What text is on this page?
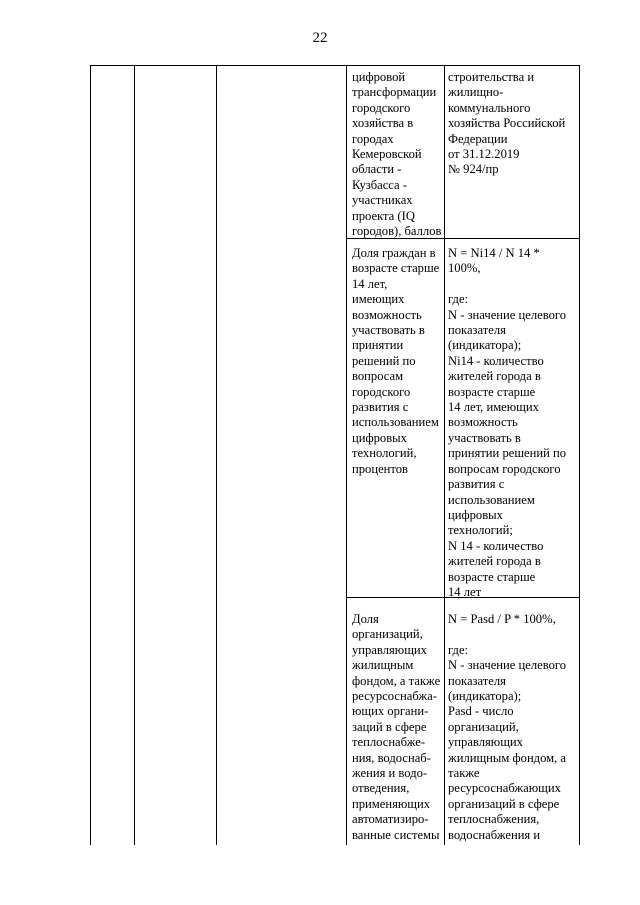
22

цифровой
трансформации
городского
хозяйства в
городах
Кемеровской
области -
Кузбасса -
участниках
проекта (IQ
городов), баллов

строительства и
жилищно-
коммунального
хозяйства Российской
Федерации
от 31.12.2019
№ 924/пр

Доля граждан в
возрасте старше
14 лет,
имеющих
возможность
участвовать в
принятии
решений по
вопросам
городского
развития с
использованием
цифровых
технологий,
процентов

N = Ni14 / N 14 *
100%,

где:
N - значение целевого
показателя
(индикатора);
Ni14 - количество
жителей города в
возрасте старше
14 лет, имеющих
возможность
участвовать в
принятии решений по
вопросам городского
развития с
использованием
цифровых
технологий;
N 14 - количество
жителей города в
возрасте старше
14 лет

Доля
организаций,
управляющих
жилищным
фондом, а также
ресурсоснабжа-
ющих органи-
заций в сфере
теплоснабже-
ния, водоснаб-
жения и водо-
отведения,
применяющих
автоматизиро-
ванные системы

N = Pasd / P * 100%,

где:
N - значение целевого
показателя
(индикатора);
Pasd - число
организаций,
управляющих
жилищным фондом, а
также
ресурсоснабжающих
организаций в сфере
теплоснабжения,
водоснабжения и
